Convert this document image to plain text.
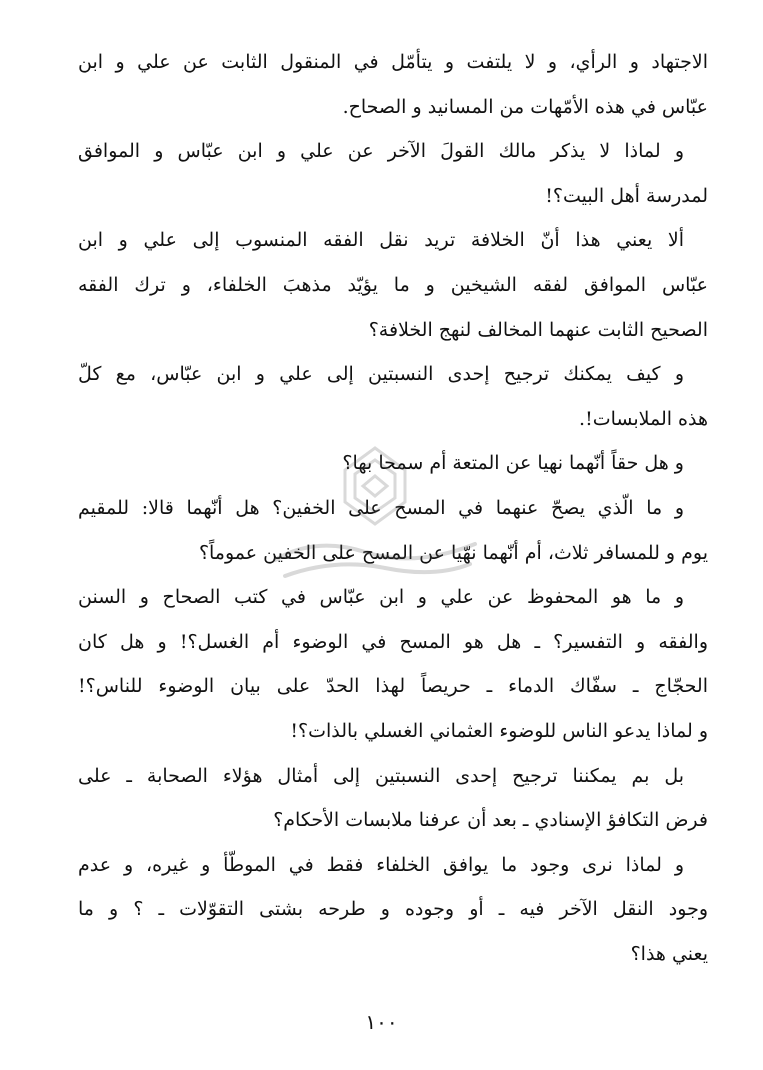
الاجتهاد و الرأي، و لا يلتفت و يتأمّل في المنقول الثابت عن علي و ابن
عبّاس في هذه الأمّهات من المسانيد و الصحاح.
و لماذا لا يذكر مالك القولَ الآخر عن علي و ابن عبّاس و الموافق
لمدرسة أهل البيت؟!
ألا يعني هذا أنّ الخلافة تريد نقل الفقه المنسوب إلى علي و ابن
عبّاس الموافق لفقه الشيخين و ما يؤيّد مذهبَ الخلفاء، و ترك الفقه
الصحيح الثابت عنهما المخالف لنهج الخلافة؟
و كيف يمكنك ترجيح إحدى النسبتين إلى علي و ابن عبّاس، مع كلّ
هذه الملابسات!.
و هل حقاً أنّهما نهيا عن المتعة أم سمحا بها؟
و ما الّذي يصحّ عنهما في المسح على الخفين؟ هل أنّهما قالا: للمقيم
يوم و للمسافر ثلاث، أم أنّهما نهّيا عن المسح على الخفين عموماً؟
و ما هو المحفوظ عن علي و ابن عبّاس في كتب الصحاح و السنن
والفقه و التفسير؟ ـ هل هو المسح في الوضوء أم الغسل؟! و هل كان
الحجّاج ـ سفّاك الدماء ـ حريصاً لهذا الحدّ على بيان الوضوء للناس؟!
و لماذا يدعو الناس للوضوء العثماني الغسلي بالذات؟!
بل بم يمكننا ترجيح إحدى النسبتين إلى أمثال هؤلاء الصحابة ـ على
فرض التكافؤ الإسنادي ـ بعد أن عرفنا ملابسات الأحكام؟
و لماذا نرى وجود ما يوافق الخلفاء فقط في الموطّأ و غيره، و عدم
وجود النقل الآخر فيه ـ أو وجوده و طرحه بشتى التقوّلات ـ ؟ و ما
يعني هذا؟
١٠٠
